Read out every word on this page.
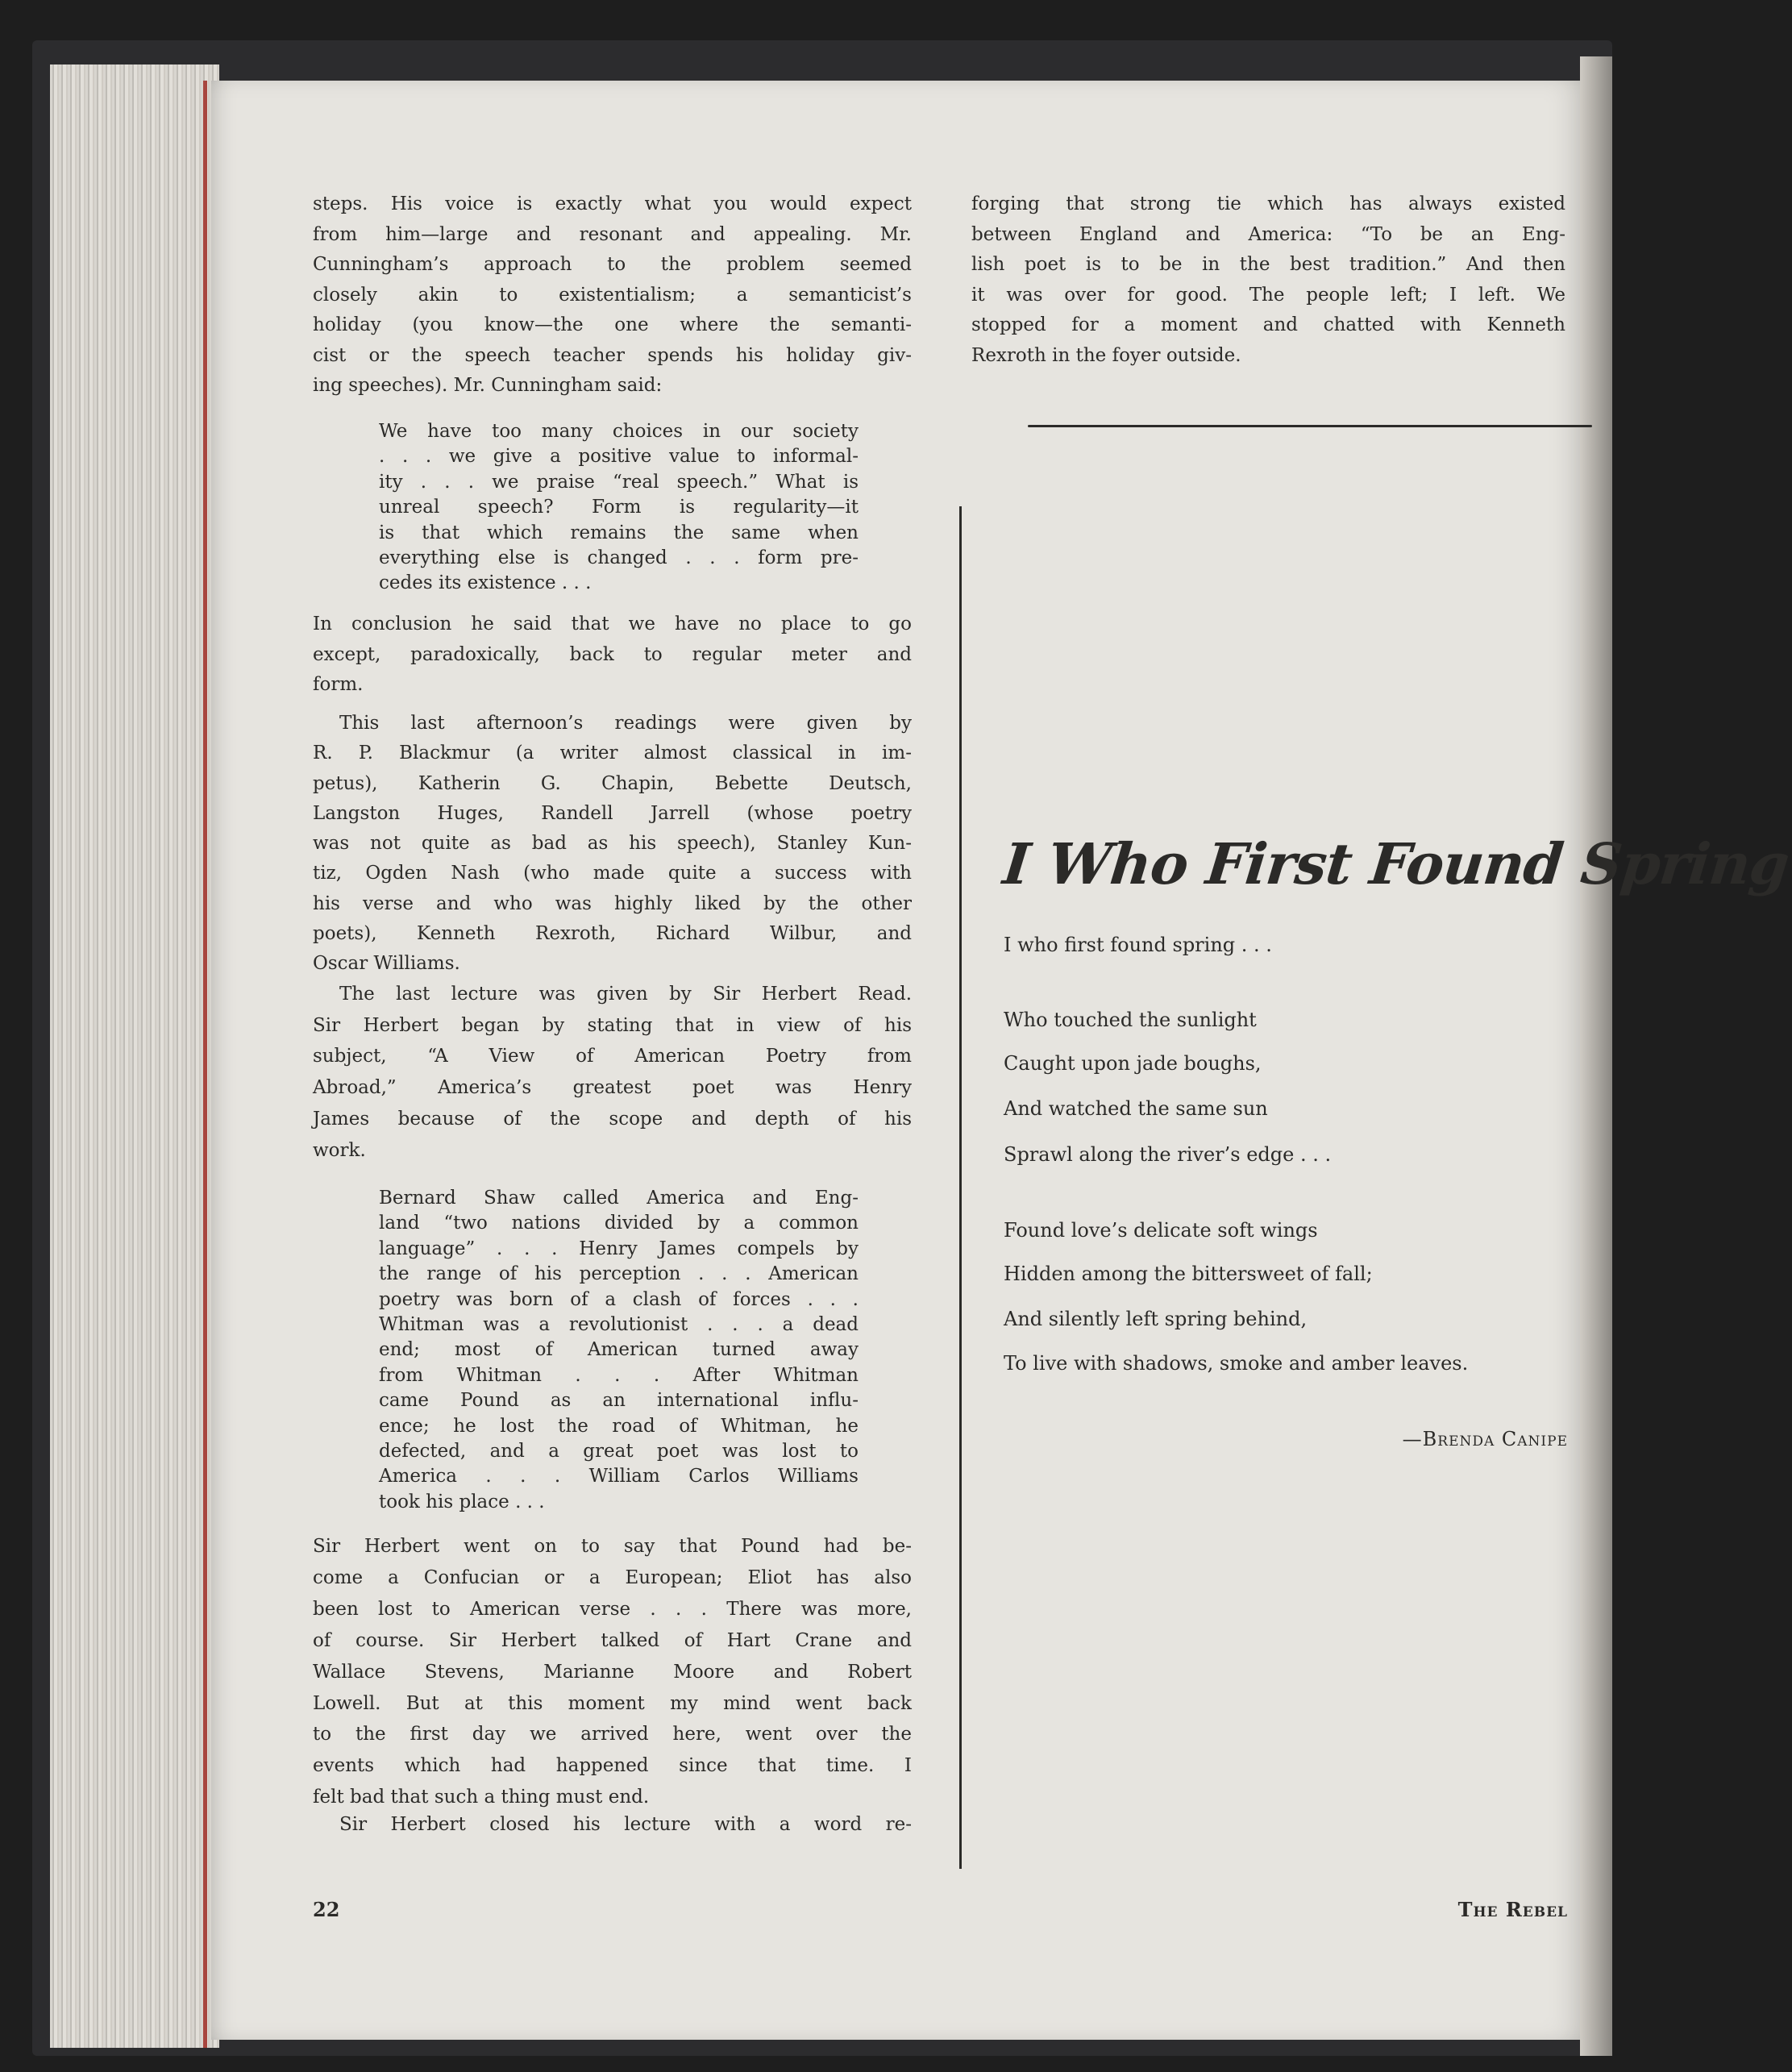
steps. His voice is exactly what you would expect
from him—large and resonant and appealing. Mr.
Cunningham’s approach to the problem seemed
closely akin to existentialism; a semanticist’s
holiday (you know—the one where the semanti-
cist or the speech teacher spends his holiday giv-
ing speeches). Mr. Cunningham said:
We have too many choices in our society
. . . we give a positive value to informal-
ity . . . we praise “real speech.” What is
unreal speech? Form is regularity—it
is that which remains the same when
everything else is changed . . . form pre-
cedes its existence . . .
In conclusion he said that we have no place to go
except, paradoxically, back to regular meter and
form.
This last afternoon’s readings were given by
R. P. Blackmur (a writer almost classical in im-
petus), Katherin G. Chapin, Bebette Deutsch,
Langston Huges, Randell Jarrell (whose poetry
was not quite as bad as his speech), Stanley Kun-
tiz, Ogden Nash (who made quite a success with
his verse and who was highly liked by the other
poets), Kenneth Rexroth, Richard Wilbur, and
Oscar Williams.
The last lecture was given by Sir Herbert Read.
Sir Herbert began by stating that in view of his
subject, “A View of American Poetry from
Abroad,” America’s greatest poet was Henry
James because of the scope and depth of his
work.
Bernard Shaw called America and Eng-
land “two nations divided by a common
language” . . . Henry James compels by
the range of his perception . . . American
poetry was born of a clash of forces . . .
Whitman was a revolutionist . . . a dead
end; most of American turned away
from Whitman . . . After Whitman
came Pound as an international influ-
ence; he lost the road of Whitman, he
defected, and a great poet was lost to
America . . . William Carlos Williams
took his place . . .
Sir Herbert went on to say that Pound had be-
come a Confucian or a European; Eliot has also
been lost to American verse . . . There was more,
of course. Sir Herbert talked of Hart Crane and
Wallace Stevens, Marianne Moore and Robert
Lowell. But at this moment my mind went back
to the first day we arrived here, went over the
events which had happened since that time. I
felt bad that such a thing must end.
Sir Herbert closed his lecture with a word re-
forging that strong tie which has always existed
between England and America: “To be an Eng-
lish poet is to be in the best tradition.” And then
it was over for good. The people left; I left. We
stopped for a moment and chatted with Kenneth
Rexroth in the foyer outside.
I Who First Found Spring
I who first found spring . . .
Who touched the sunlight
Caught upon jade boughs,
And watched the same sun
Sprawl along the river’s edge . . .
Found love’s delicate soft wings
Hidden among the bittersweet of fall;
And silently left spring behind,
To live with shadows, smoke and amber leaves.
—Brenda Canipe
22	The Rebel
